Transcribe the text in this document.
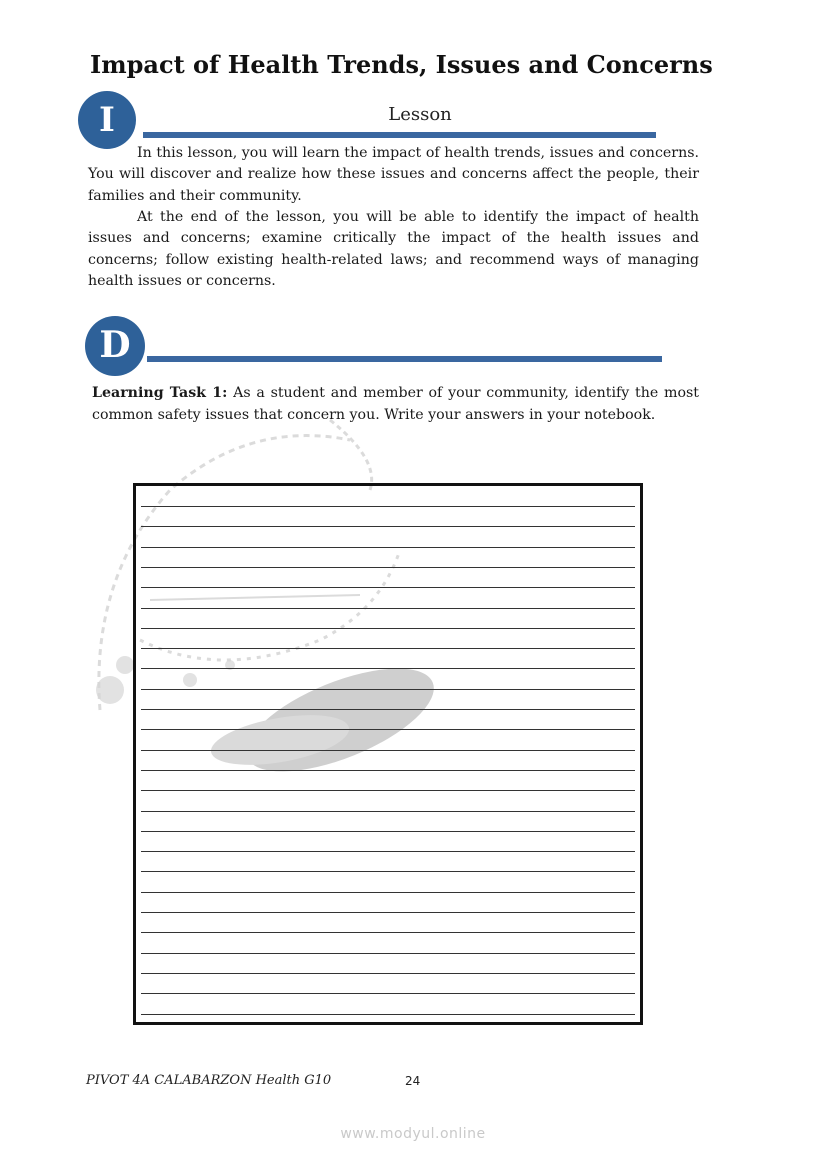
Impact of Health Trends, Issues and Concerns
I	Lesson

In this lesson, you will learn the impact of health trends, issues and concerns. You will discover and realize how these issues and concerns affect the people, their families and their community.

At the end of the lesson, you will be able to identify the impact of health issues and concerns; examine critically the impact of the health issues and concerns; follow existing health-related laws; and recommend ways of managing health issues or concerns.

D

Learning Task 1: As a student and member of your community, identify the most common safety issues that concern you. Write your answers in your notebook.

PIVOT 4A CALABARZON Health G10	24
www.modyul.online
